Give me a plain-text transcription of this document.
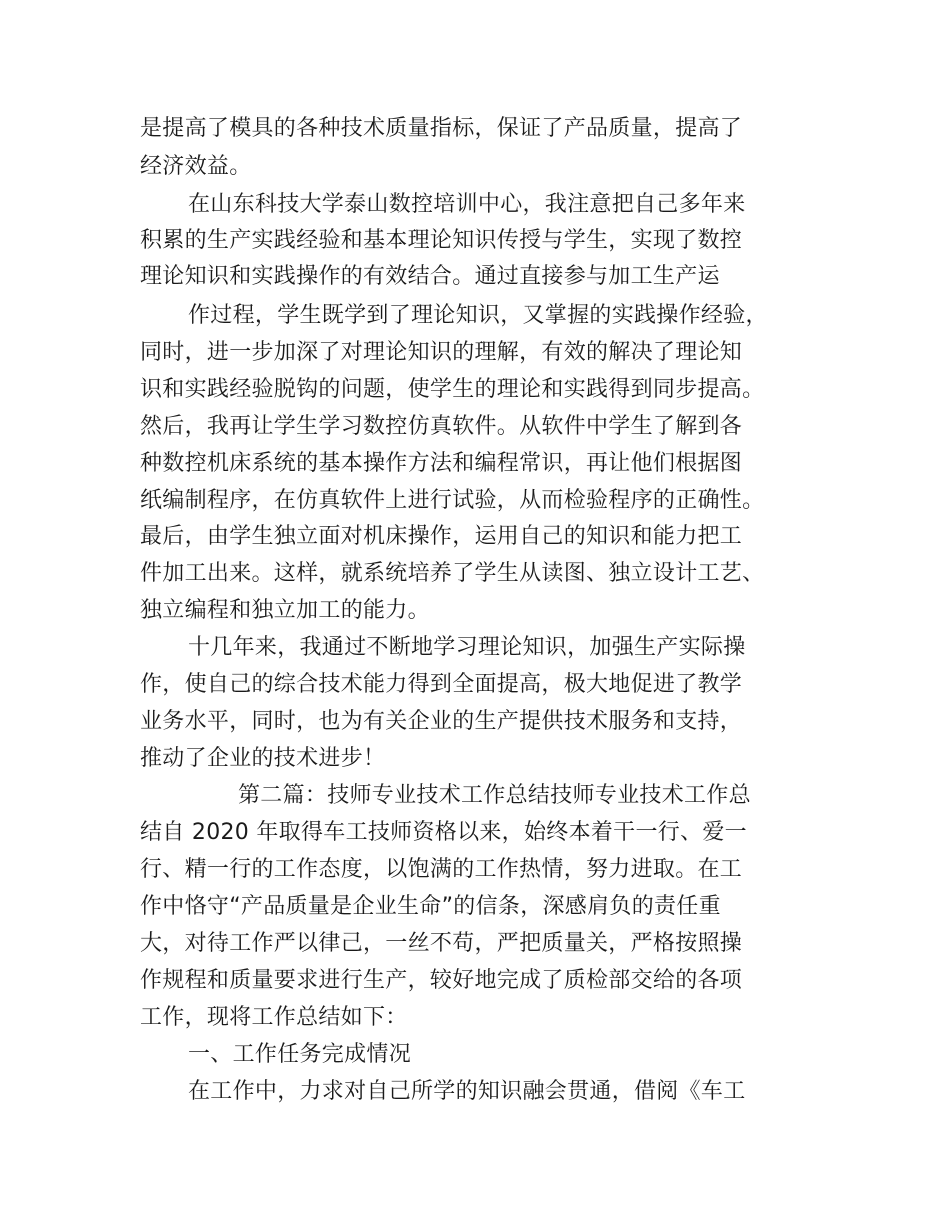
是提高了模具的各种技术质量指标，保证了产品质量，提高了
经济效益。
在山东科技大学泰山数控培训中心，我注意把自己多年来
积累的生产实践经验和基本理论知识传授与学生，实现了数控
理论知识和实践操作的有效结合。通过直接参与加工生产运
作过程，学生既学到了理论知识，又掌握的实践操作经验，
同时，进一步加深了对理论知识的理解，有效的解决了理论知
识和实践经验脱钩的问题，使学生的理论和实践得到同步提高。
然后，我再让学生学习数控仿真软件。从软件中学生了解到各
种数控机床系统的基本操作方法和编程常识，再让他们根据图
纸编制程序，在仿真软件上进行试验，从而检验程序的正确性。
最后，由学生独立面对机床操作，运用自己的知识和能力把工
件加工出来。这样，就系统培养了学生从读图、独立设计工艺、
独立编程和独立加工的能力。
十几年来，我通过不断地学习理论知识，加强生产实际操
作，使自己的综合技术能力得到全面提高，极大地促进了教学
业务水平，同时，也为有关企业的生产提供技术服务和支持，
推动了企业的技术进步！
第二篇：技师专业技术工作总结技师专业技术工作总
结自 2020 年取得车工技师资格以来，始终本着干一行、爱一
行、精一行的工作态度，以饱满的工作热情，努力进取。在工
作中恪守“产品质量是企业生命”的信条，深感肩负的责任重
大，对待工作严以律己，一丝不苟，严把质量关，严格按照操
作规程和质量要求进行生产，较好地完成了质检部交给的各项
工作，现将工作总结如下：
一、工作任务完成情况
在工作中，力求对自己所学的知识融会贯通，借阅《车工
